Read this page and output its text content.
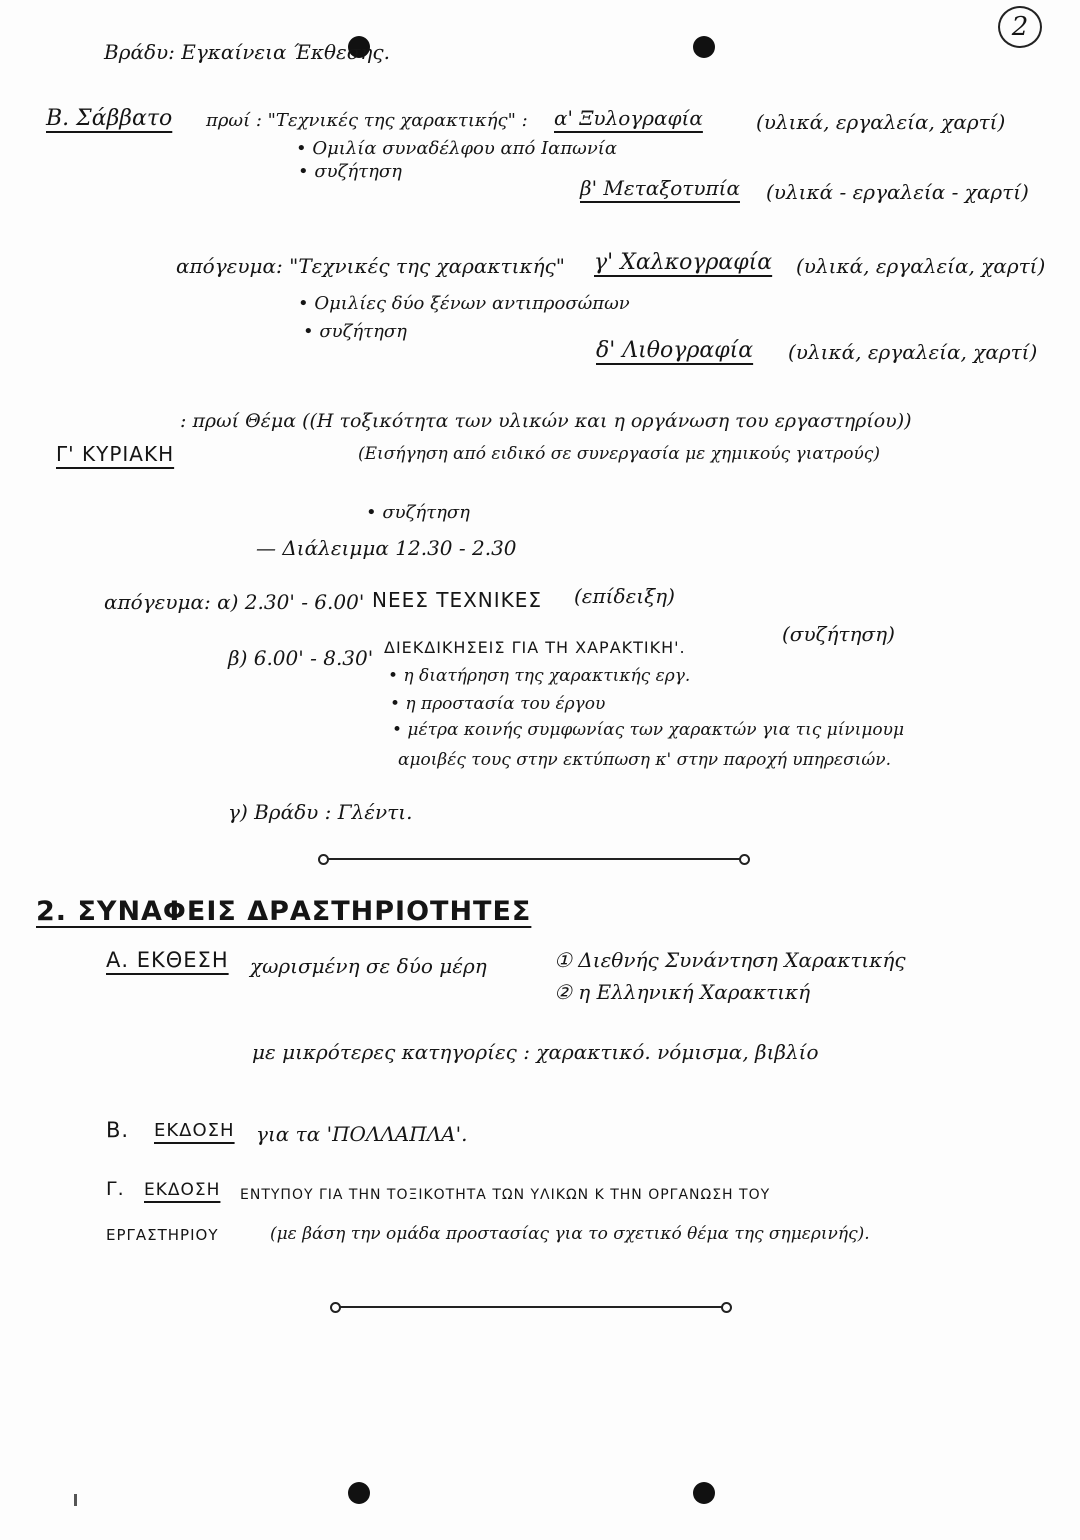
2
Βράδυ: Εγκαίνεια Έκθεσης.
Β. Σάββατο πρωί : "Τεχνικές της χαρακτικής" : α' Ξυλογραφία	(υλικά, εργαλεία, χαρτί)
• Ομιλία συναδέλφου από Ιαπωνία
• συζήτηση
β' Μεταξοτυπία (υλικά - εργαλεία - χαρτί)
απόγευμα: "Τεχνικές της χαρακτικής" γ' Χαλκογραφία (υλικά, εργαλεία, χαρτί)
• Ομιλίες δύο ξένων αντιπροσώπων
• συζήτηση
δ' Λιθογραφία (υλικά, εργαλεία, χαρτί)
Γ' ΚΥΡΙΑΚΗ
: πρωί Θέμα ((Η τοξικότητα των υλικών και η οργάνωση του εργαστηρίου))
(Εισήγηση από ειδικό σε συνεργασία με χημικούς γιατρούς)
• συζήτηση
— Διάλειμμα 12.30 - 2.30
απόγευμα: α) 2.30' - 6.00' ΝΕΕΣ ΤΕΧΝΙΚΕΣ (επίδειξη)
β) 6.00' - 8.30' ΔΙΕΚΔΙΚΗΣΕΙΣ ΓΙΑ ΤΗ ΧΑΡΑΚΤΙΚΗ'.
(συζήτηση)
• η διατήρηση της χαρακτικής εργ.
• η προστασία του έργου
• μέτρα κοινής συμφωνίας των χαρακτών για τις μίνιμουμ
αμοιβές τους στην εκτύπωση κ' στην παροχή υπηρεσιών.
γ) Βράδυ : Γλέντι.
2. ΣΥΝΑΦΕΙΣ ΔΡΑΣΤΗΡΙΟΤΗΤΕΣ
Α. ΕΚΘΕΣΗ χωρισμένη σε δύο μέρη	① Διεθνής Συνάντηση Χαρακτικής
② η Ελληνική Χαρακτική
με μικρότερες κατηγορίες : χαρακτικό. νόμισμα, βιβλίο
Β. ΕΚΔΟΣΗ για τα 'ΠΟΛΛΑΠΛΑ'.
Γ. ΕΚΔΟΣΗ ΕΝΤΥΠΟΥ ΓΙΑ ΤΗΝ ΤΟΞΙΚΟΤΗΤΑ ΤΩΝ ΥΛΙΚΩΝ Κ ΤΗΝ ΟΡΓΑΝΩΣΗ ΤΟΥ
ΕΡΓΑΣΤΗΡΙΟΥ	(με βάση την ομάδα προστασίας για το σχετικό θέμα της σημερινής).
